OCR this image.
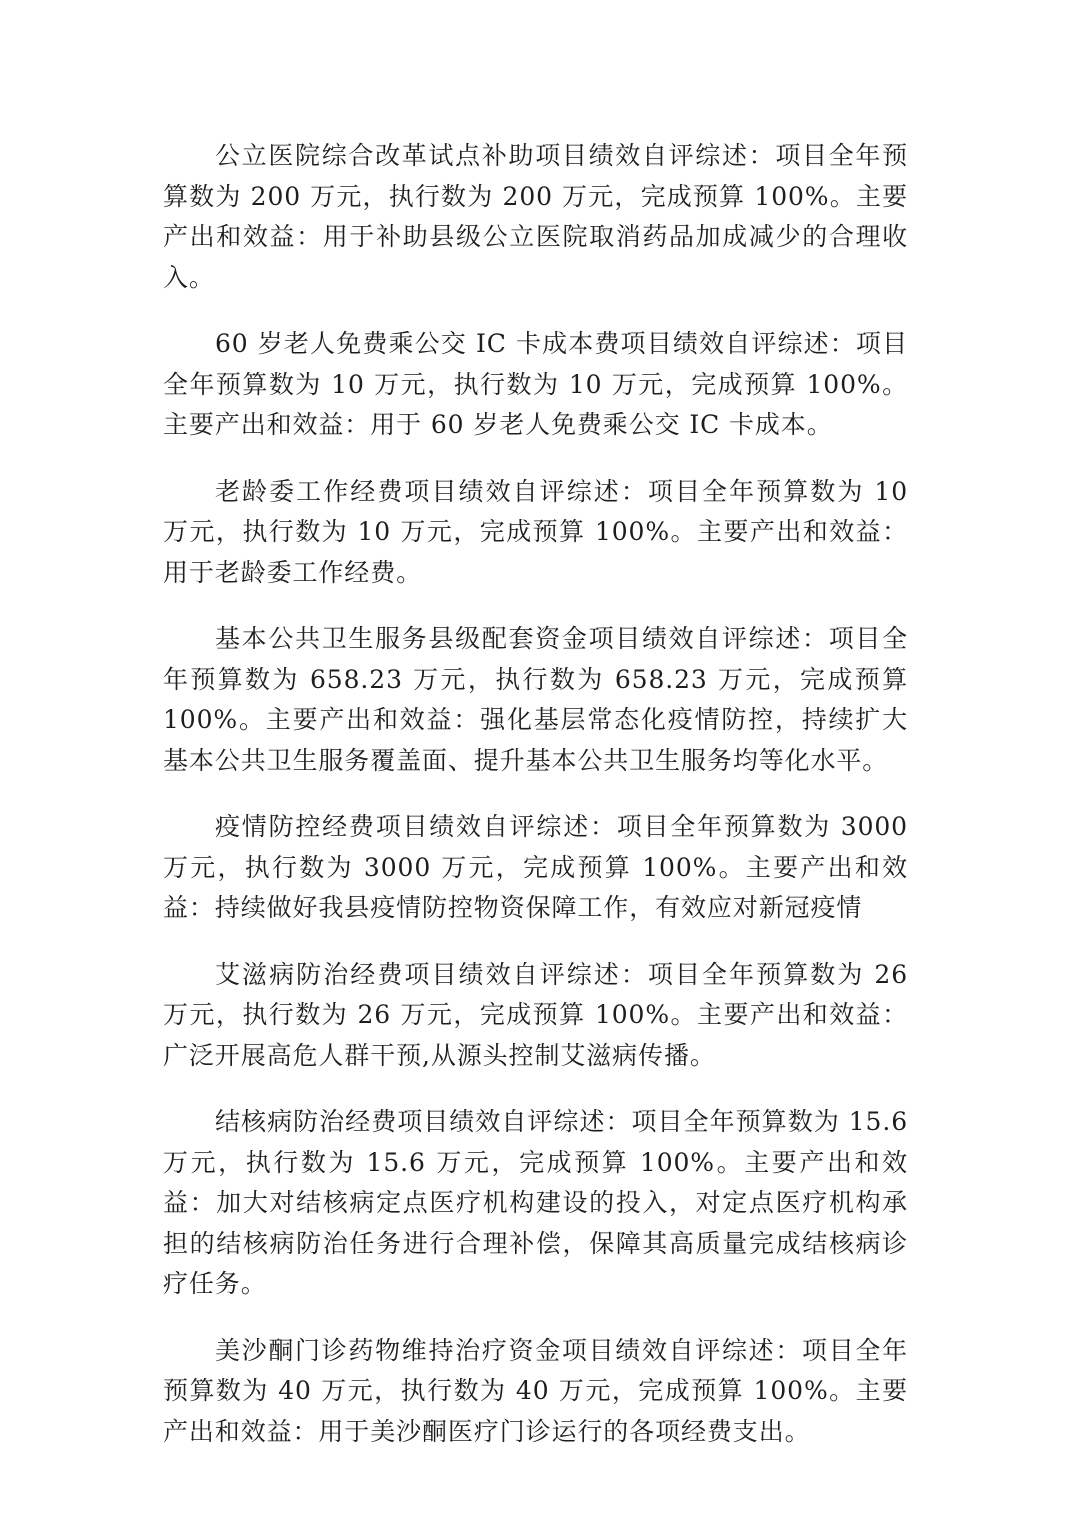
公立医院综合改革试点补助项目绩效自评综述：项目全年预算数为 200 万元，执行数为 200 万元，完成预算 100%。主要产出和效益：用于补助县级公立医院取消药品加成减少的合理收入。

60 岁老人免费乘公交 IC 卡成本费项目绩效自评综述：项目全年预算数为 10 万元，执行数为 10 万元，完成预算 100%。主要产出和效益：用于 60 岁老人免费乘公交 IC 卡成本。

老龄委工作经费项目绩效自评综述：项目全年预算数为 10 万元，执行数为 10 万元，完成预算 100%。主要产出和效益：用于老龄委工作经费。

基本公共卫生服务县级配套资金项目绩效自评综述：项目全年预算数为 658.23 万元，执行数为 658.23 万元，完成预算 100%。主要产出和效益：强化基层常态化疫情防控，持续扩大基本公共卫生服务覆盖面、提升基本公共卫生服务均等化水平。

疫情防控经费项目绩效自评综述：项目全年预算数为 3000 万元，执行数为 3000 万元，完成预算 100%。主要产出和效益：持续做好我县疫情防控物资保障工作，有效应对新冠疫情

艾滋病防治经费项目绩效自评综述：项目全年预算数为 26 万元，执行数为 26 万元，完成预算 100%。主要产出和效益：广泛开展高危人群干预,从源头控制艾滋病传播。

结核病防治经费项目绩效自评综述：项目全年预算数为 15.6 万元，执行数为 15.6 万元，完成预算 100%。主要产出和效益：加大对结核病定点医疗机构建设的投入，对定点医疗机构承担的结核病防治任务进行合理补偿，保障其高质量完成结核病诊疗任务。

美沙酮门诊药物维持治疗资金项目绩效自评综述：项目全年预算数为 40 万元，执行数为 40 万元，完成预算 100%。主要产出和效益：用于美沙酮医疗门诊运行的各项经费支出。
